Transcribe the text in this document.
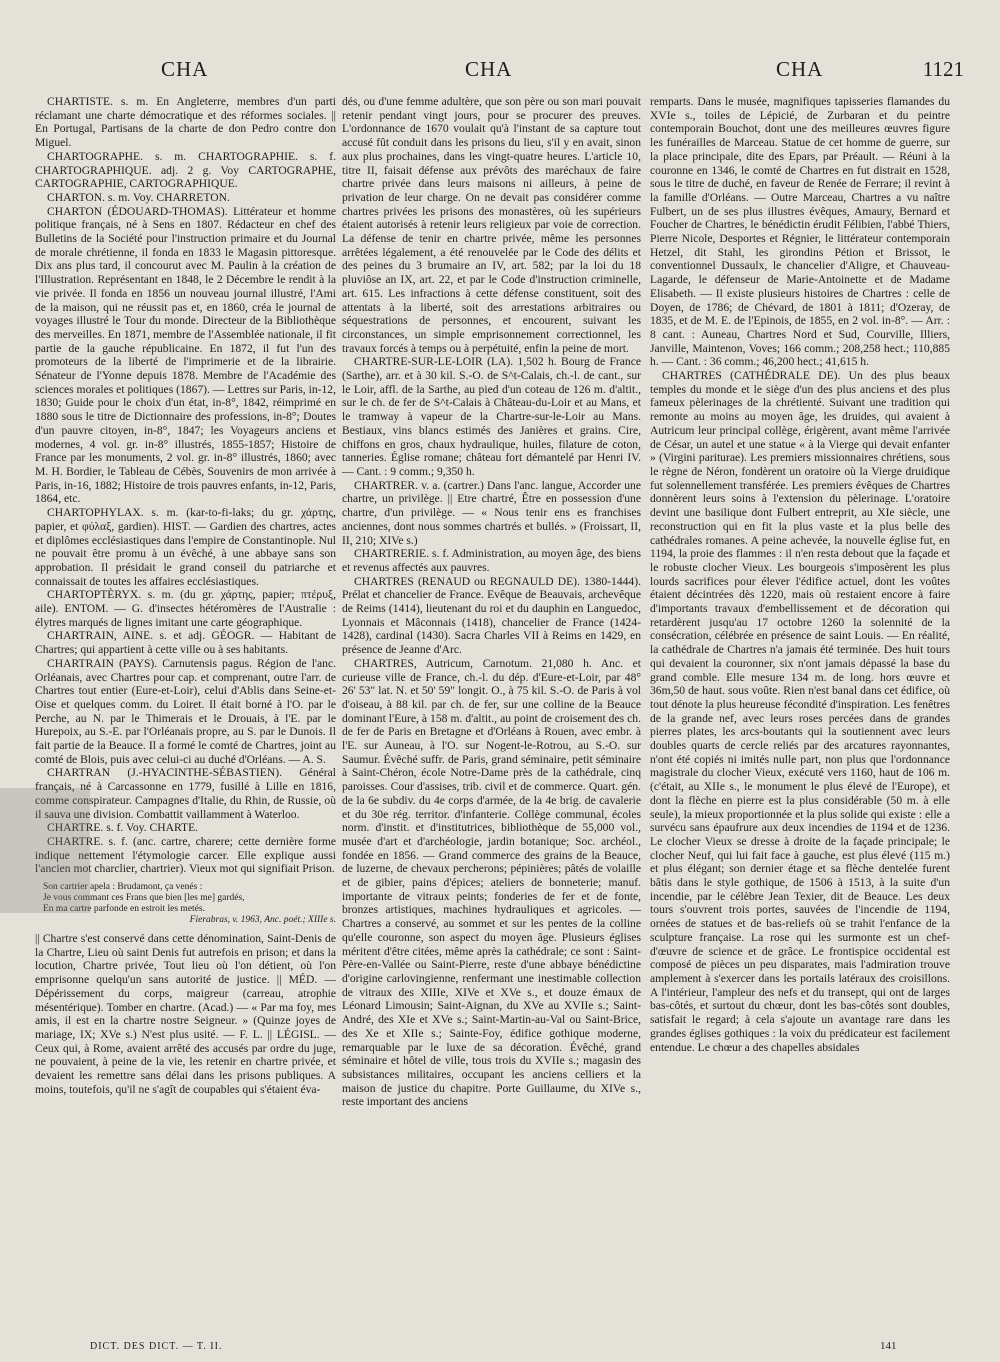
CHA	CHA	CHA	1121

CHARTISTE. s. m. En Angleterre, membres d'un parti réclamant une charte démocratique et des réformes sociales. || En Portugal, Partisans de la charte de don Pedro contre don Miguel.

CHARTOGRAPHE. s. m. CHARTOGRAPHIE. s. f. CHARTOGRAPHIQUE. adj. 2 g. Voy CARTOGRAPHE, CARTOGRAPHIE, CARTOGRAPHIQUE.

CHARTON. s. m. Voy. CHARRETON.

CHARTON (ÉDOUARD-THOMAS). Littérateur et homme politique français, né à Sens en 1807. Rédacteur en chef des Bulletins de la Société pour l'instruction primaire et du Journal de morale chrétienne, il fonda en 1833 le Magasin pittoresque. Dix ans plus tard, il concourut avec M. Paulin à la création de l'Illustration. Représentant en 1848, le 2 Décembre le rendit à la vie privée. Il fonda en 1856 un nouveau journal illustré, l'Ami de la maison, qui ne réussit pas et, en 1860, créa le journal de voyages illustré le Tour du monde. Directeur de la Bibliothèque des merveilles. En 1871, membre de l'Assemblée nationale, il fit partie de la gauche républicaine. En 1872, il fut l'un des promoteurs de la liberté de l'imprimerie et de la librairie. Sénateur de l'Yonne depuis 1878. Membre de l'Académie des sciences morales et politiques (1867). — Lettres sur Paris, in-12, 1830; Guide pour le choix d'un état, in-8°, 1842, réimprimé en 1880 sous le titre de Dictionnaire des professions, in-8°; Doutes d'un pauvre citoyen, in-8°, 1847; les Voyageurs anciens et modernes, 4 vol. gr. in-8° illustrés, 1855-1857; Histoire de France par les monuments, 2 vol. gr. in-8° illustrés, 1860; avec M. H. Bordier, le Tableau de Cébès, Souvenirs de mon arrivée à Paris, in-16, 1882; Histoire de trois pauvres enfants, in-12, Paris, 1864, etc.

CHARTOPHYLAX. s. m. (kar-to-fi-laks; du gr. χάρτης, papier, et φύλαξ, gardien). HIST. — Gardien des chartres, actes et diplômes ecclésiastiques dans l'empire de Constantinople. Nul ne pouvait être promu à un évêché, à une abbaye sans son approbation. Il présidait le grand conseil du patriarche et connaissait de toutes les affaires ecclésiastiques.

CHARTOPTÈRYX. s. m. (du gr. χάρτης, papier; πτέρυξ, aile). ENTOM. — G. d'insectes hétéromères de l'Australie : élytres marqués de lignes imitant une carte géographique.

CHARTRAIN, AINE. s. et adj. GÉOGR. — Habitant de Chartres; qui appartient à cette ville ou à ses habitants.

CHARTRAIN (PAYS). Carnutensis pagus. Région de l'anc. Orléanais, avec Chartres pour cap. et comprenant, outre l'arr. de Chartres tout entier (Eure-et-Loir), celui d'Ablis dans Seine-et-Oise et quelques comm. du Loiret. Il était borné à l'O. par le Perche, au N. par le Thimerais et le Drouais, à l'E. par le Hurepoix, au S.-E. par l'Orléanais propre, au S. par le Dunois. Il fait partie de la Beauce. Il a formé le comté de Chartres, joint au comté de Blois, puis avec celui-ci au duché d'Orléans. — A. S.

CHARTRAN (J.-HYACINTHE-SÉBASTIEN). Général français, né à Carcassonne en 1779, fusillé à Lille en 1816, comme conspirateur. Campagnes d'Italie, du Rhin, de Russie, où il sauva une division. Combattit vaillamment à Waterloo.

CHARTRE. s. f. Voy. CHARTE.

CHARTRE. s. f. (anc. cartre, charere; cette dernière forme indique nettement l'étymologie carcer. Elle explique aussi l'ancien mot charclier, chartrier). Vieux mot qui signifiait Prison.

Son cartrier apela : Brudamont, ça venés :
Je vous commant ces Frans que bien [les me] gardés,
En ma cartre parfonde en estroit les metés.
Fierabras, v. 1963, Anc. poét.; XIIIe s.

|| Chartre s'est conservé dans cette dénomination, Saint-Denis de la Chartre, Lieu où saint Denis fut autrefois en prison; et dans la locution, Chartre privée, Tout lieu où l'on détient, où l'on emprisonne quelqu'un sans autorité de justice. || MÉD. — Dépérissement du corps, maigreur (carreau, atrophie mésentérique). Tomber en chartre. (Acad.) — « Par ma foy, mes amis, il est en la chartre nostre Seigneur. » (Quinze joyes de mariage, IX; XVe s.) N'est plus usité. — F. L. || LÉGISL. — Ceux qui, à Rome, avaient arrêté des accusés par ordre du juge, ne pouvaient, à peine de la vie, les retenir en chartre privée, et devaient les remettre sans délai dans les prisons publiques. A moins, toutefois, qu'il ne s'agît de coupables qui s'étaient éva-

dés, ou d'une femme adultère, que son père ou son mari pouvait retenir pendant vingt jours, pour se procurer des preuves. L'ordonnance de 1670 voulait qu'à l'instant de sa capture tout accusé fût conduit dans les prisons du lieu, s'il y en avait, sinon aux plus prochaines, dans les vingt-quatre heures. L'article 10, titre II, faisait défense aux prévôts des maréchaux de faire chartre privée dans leurs maisons ni ailleurs, à peine de privation de leur charge. On ne devait pas considérer comme chartres privées les prisons des monastères, où les supérieurs étaient autorisés à retenir leurs religieux par voie de correction. La défense de tenir en chartre privée, même les personnes arrêtées légalement, a été renouvelée par le Code des délits et des peines du 3 brumaire an IV, art. 582; par la loi du 18 pluviôse an IX, art. 22, et par le Code d'instruction criminelle, art. 615. Les infractions à cette défense constituent, soit des attentats à la liberté, soit des arrestations arbitraires ou séquestrations de personnes, et encourent, suivant les circonstances, un simple emprisonnement correctionnel, les travaux forcés à temps ou à perpétuité, enfin la peine de mort.

CHARTRE-SUR-LE-LOIR (LA). 1,502 h. Bourg de France (Sarthe), arr. et à 30 kil. S.-O. de S^t-Calais, ch.-l. de cant., sur le Loir, affl. de la Sarthe, au pied d'un coteau de 126 m. d'altit., sur le ch. de fer de S^t-Calais à Château-du-Loir et au Mans, et le tramway à vapeur de la Chartre-sur-le-Loir au Mans. Bestiaux, vins blancs estimés des Janières et grains. Cire, chiffons en gros, chaux hydraulique, huiles, filature de coton, tanneries. Église romane; château fort démantelé par Henri IV. — Cant. : 9 comm.; 9,350 h.

CHARTRER. v. a. (cartrer.) Dans l'anc. langue, Accorder une chartre, un privilège. || Etre chartré, Être en possession d'une chartre, d'un privilège. — « Nous tenir ens es franchises anciennes, dont nous sommes chartrés et bullés. » (Froissart, II, II, 210; XIVe s.)

CHARTRERIE. s. f. Administration, au moyen âge, des biens et revenus affectés aux pauvres.

CHARTRES (RENAUD ou REGNAULD DE). 1380-1444). Prélat et chancelier de France. Evêque de Beauvais, archevêque de Reims (1414), lieutenant du roi et du dauphin en Languedoc, Lyonnais et Mâconnais (1418), chancelier de France (1424-1428), cardinal (1430). Sacra Charles VII à Reims en 1429, en présence de Jeanne d'Arc.

CHARTRES, Autricum, Carnotum. 21,080 h. Anc. et curieuse ville de France, ch.-l. du dép. d'Eure-et-Loir, par 48° 26' 53" lat. N. et 50' 59" longit. O., à 75 kil. S.-O. de Paris à vol d'oiseau, à 88 kil. par ch. de fer, sur une colline de la Beauce dominant l'Eure, à 158 m. d'altit., au point de croisement des ch. de fer de Paris en Bretagne et d'Orléans à Rouen, avec embr. à l'E. sur Auneau, à l'O. sur Nogent-le-Rotrou, au S.-O. sur Saumur. Évêché suffr. de Paris, grand séminaire, petit séminaire à Saint-Chéron, école Notre-Dame près de la cathédrale, cinq paroisses. Cour d'assises, trib. civil et de commerce. Quart. gén. de la 6e subdiv. du 4e corps d'armée, de la 4e brig. de cavalerie et du 30e rég. territor. d'infanterie. Collège communal, écoles norm. d'instit. et d'institutrices, bibliothèque de 55,000 vol., musée d'art et d'archéologie, jardin botanique; Soc. archéol., fondée en 1856. — Grand commerce des grains de la Beauce, de luzerne, de chevaux percherons; pépinières; pâtés de volaille et de gibier, pains d'épices; ateliers de bonneterie; manuf. importante de vitraux peints; fonderies de fer et de fonte, bronzes artistiques, machines hydrauliques et agricoles. — Chartres a conservé, au sommet et sur les pentes de la colline qu'elle couronne, son aspect du moyen âge. Plusieurs églises méritent d'être citées, même après la cathédrale; ce sont : Saint-Père-en-Vallée ou Saint-Pierre, reste d'une abbaye bénédictine d'origine carlovingienne, renfermant une inestimable collection de vitraux des XIIIe, XIVe et XVe s., et douze émaux de Léonard Limousin; Saint-Aignan, du XVe au XVIIe s.; Saint-André, des XIe et XVe s.; Saint-Martin-au-Val ou Saint-Brice, des Xe et XIIe s.; Sainte-Foy, édifice gothique moderne, remarquable par le luxe de sa décoration. Évêché, grand séminaire et hôtel de ville, tous trois du XVIIe s.; magasin des subsistances militaires, occupant les anciens celliers et la maison de justice du chapitre. Porte Guillaume, du XIVe s., reste important des anciens

remparts. Dans le musée, magnifiques tapisseries flamandes du XVIe s., toiles de Lépicié, de Zurbaran et du peintre contemporain Bouchot, dont une des meilleures œuvres figure les funérailles de Marceau. Statue de cet homme de guerre, sur la place principale, dite des Epars, par Préault. — Réuni à la couronne en 1346, le comté de Chartres en fut distrait en 1528, sous le titre de duché, en faveur de Renée de Ferrare; il revint à la famille d'Orléans. — Outre Marceau, Chartres a vu naître Fulbert, un de ses plus illustres évêques, Amaury, Bernard et Foucher de Chartres, le bénédictin érudit Félibien, l'abbé Thiers, Pierre Nicole, Desportes et Régnier, le littérateur contemporain Hetzel, dit Stahl, les girondins Pétion et Brissot, le conventionnel Dussaulx, le chancelier d'Aligre, et Chauveau-Lagarde, le défenseur de Marie-Antoinette et de Madame Elisabeth. — Il existe plusieurs histoires de Chartres : celle de Doyen, de 1786; de Chévard, de 1801 à 1811; d'Ozeray, de 1835, et de M. E. de l'Epinois, de 1855, en 2 vol. in-8°. — Arr. : 8 cant. : Auneau, Chartres Nord et Sud, Courville, Illiers, Janville, Maintenon, Voves; 166 comm.; 208,258 hect.; 110,885 h. — Cant. : 36 comm.; 46,200 hect.; 41,615 h.

CHARTRES (CATHÉDRALE DE). Un des plus beaux temples du monde et le siège d'un des plus anciens et des plus fameux pèlerinages de la chrétienté. Suivant une tradition qui remonte au moins au moyen âge, les druides, qui avaient à Autricum leur principal collège, érigèrent, avant même l'arrivée de César, un autel et une statue « à la Vierge qui devait enfanter » (Virgini pariturae). Les premiers missionnaires chrétiens, sous le règne de Néron, fondèrent un oratoire où la Vierge druidique fut solennellement transférée. Les premiers évêques de Chartres donnèrent leurs soins à l'extension du pèlerinage. L'oratoire devint une basilique dont Fulbert entreprit, au XIe siècle, une reconstruction qui en fit la plus vaste et la plus belle des cathédrales romanes. A peine achevée, la nouvelle église fut, en 1194, la proie des flammes : il n'en resta debout que la façade et le robuste clocher Vieux. Les bourgeois s'imposèrent les plus lourds sacrifices pour élever l'édifice actuel, dont les voûtes étaient décintrées dès 1220, mais où restaient encore à faire d'importants travaux d'embellissement et de décoration qui retardèrent jusqu'au 17 octobre 1260 la solennité de la consécration, célébrée en présence de saint Louis. — En réalité, la cathédrale de Chartres n'a jamais été terminée. Des huit tours qui devaient la couronner, six n'ont jamais dépassé la base du grand comble. Elle mesure 134 m. de long. hors œuvre et 36m,50 de haut. sous voûte. Rien n'est banal dans cet édifice, où tout dénote la plus heureuse fécondité d'inspiration. Les fenêtres de la grande nef, avec leurs roses percées dans de grandes pierres plates, les arcs-boutants qui la soutiennent avec leurs doubles quarts de cercle reliés par des arcatures rayonnantes, n'ont été copiés ni imités nulle part, non plus que l'ordonnance magistrale du clocher Vieux, exécuté vers 1160, haut de 106 m. (c'était, au XIIe s., le monument le plus élevé de l'Europe), et dont la flèche en pierre est la plus considérable (50 m. à elle seule), la mieux proportionnée et la plus solide qui existe : elle a survécu sans épaufrure aux deux incendies de 1194 et de 1236. Le clocher Vieux se dresse à droite de la façade principale; le clocher Neuf, qui lui fait face à gauche, est plus élevé (115 m.) et plus élégant; son dernier étage et sa flèche dentelée furent bâtis dans le style gothique, de 1506 à 1513, à la suite d'un incendie, par le célèbre Jean Texier, dit de Beauce. Les deux tours s'ouvrent trois portes, sauvées de l'incendie de 1194, ornées de statues et de bas-reliefs où se trahit l'enfance de la sculpture française. La rose qui les surmonte est un chef-d'œuvre de science et de grâce. Le frontispice occidental est composé de pièces un peu disparates, mais l'admiration trouve amplement à s'exercer dans les portails latéraux des croisillons. A l'intérieur, l'ampleur des nefs et du transept, qui ont de larges bas-côtés, et surtout du chœur, dont les bas-côtés sont doubles, satisfait le regard; à cela s'ajoute un avantage rare dans les grandes églises gothiques : la voix du prédicateur est facilement entendue. Le chœur a des chapelles absidales

DICT. DES DICT. — T. II.	141
